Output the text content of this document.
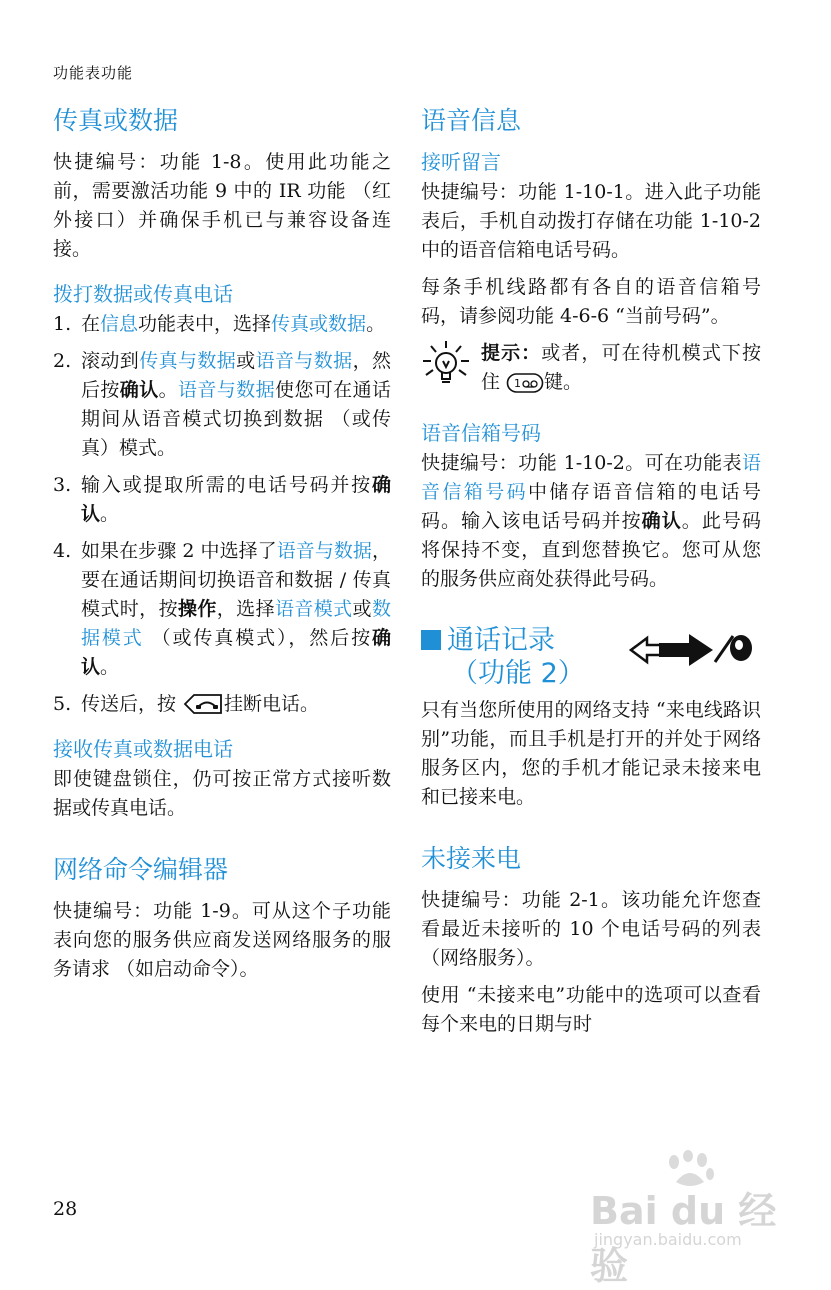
功能表功能
传真或数据

快捷编号：功能 1-8。使用此功能之前，需要激活功能 9 中的 IR 功能 （红外接口）并确保手机已与兼容设备连接。

拨打数据或传真电话
1. 在信息功能表中，选择传真或数据。
2. 滚动到传真与数据或语音与数据，然后按确认。语音与数据使您可在通话期间从语音模式切换到数据 （或传真）模式。
3. 输入或提取所需的电话号码并按确认。
4. 如果在步骤 2 中选择了语音与数据，要在通话期间切换语音和数据 / 传真模式时，按操作，选择语音模式或数据模式 （或传真模式），然后按确认。
5. 传送后，按 挂断电话。
接收传真或数据电话

即使键盘锁住，仍可按正常方式接听数据或传真电话。

网络命令编辑器

快捷编号：功能 1-9。可从这个子功能表向您的服务供应商发送网络服务的服务请求 （如启动命令）。

语音信息
接听留言

快捷编号：功能 1-10-1。进入此子功能表后，手机自动拨打存储在功能 1-10-2 中的语音信箱电话号码。

每条手机线路都有各自的语音信箱号码，请参阅功能 4-6-6 “当前号码”。

提示：或者，可在待机模式下按住 1 键。

语音信箱号码

快捷编号：功能 1-10-2。可在功能表语音信箱号码中储存语音信箱的电话号码。输入该电话号码并按确认。此号码将保持不变，直到您替换它。您可从您的服务供应商处获得此号码。

通话记录
（功能 2）

只有当您所使用的网络支持 “来电线路识别”功能，而且手机是打开的并处于网络服务区内，您的手机才能记录未接来电和已接来电。

未接来电

快捷编号：功能 2-1。该功能允许您查看最近未接听的 10 个电话号码的列表 （网络服务）。

使用 “未接来电”功能中的选项可以查看每个来电的日期与时

28	Bai du 经验
jingyan.baidu.com
